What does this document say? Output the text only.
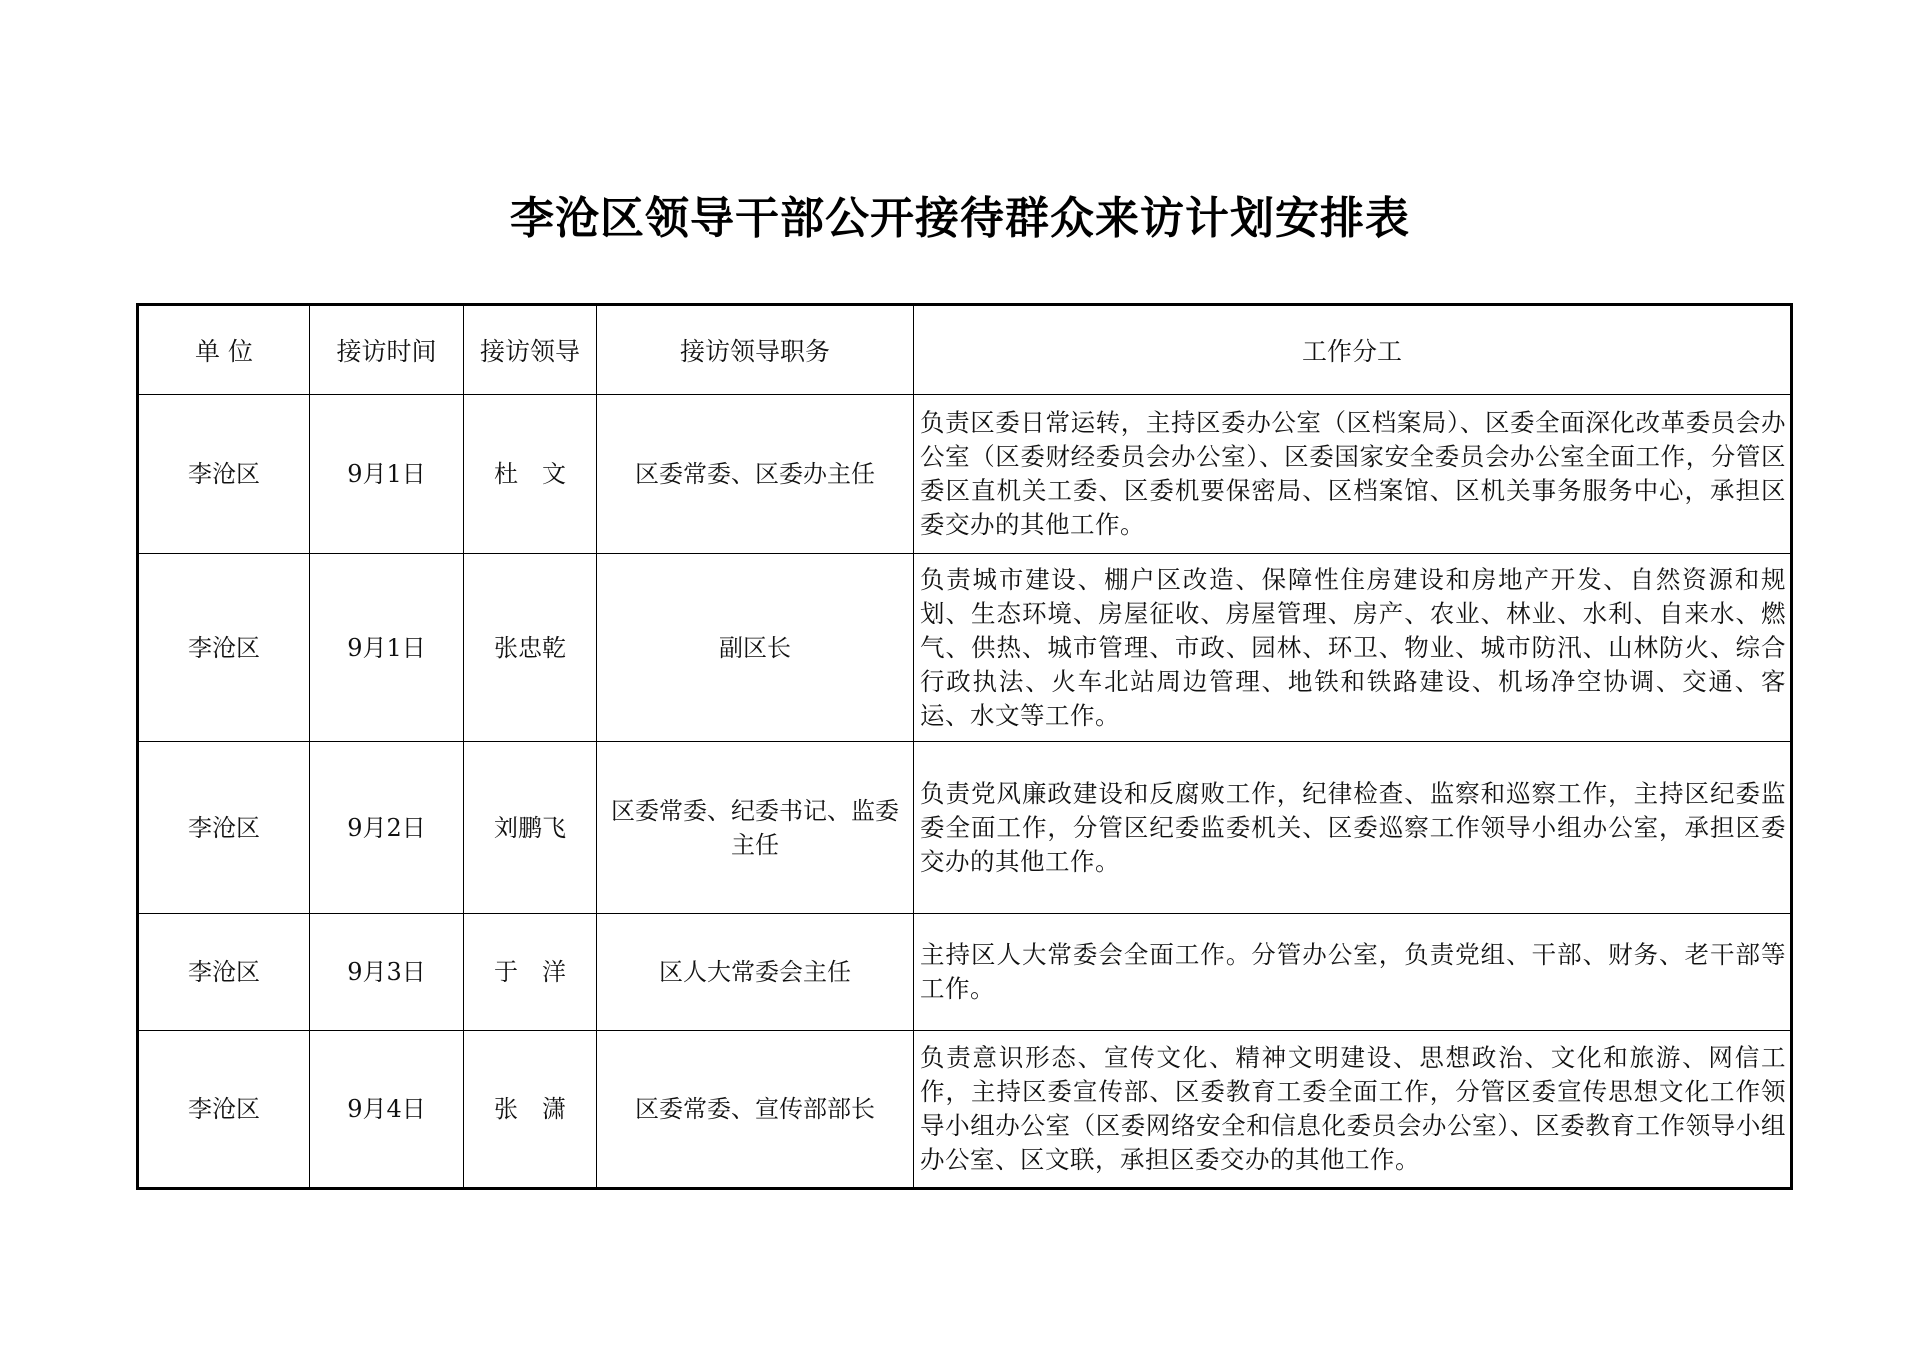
李沧区领导干部公开接待群众来访计划安排表
单 位	接访时间	接访领导	接访领导职务	工作分工
李沧区	9月1日	杜　文	区委常委、区委办主任	负责区委日常运转，主持区委办公室（区档案局）、区委全面深化改革委员会办公室（区委财经委员会办公室）、区委国家安全委员会办公室全面工作，分管区委区直机关工委、区委机要保密局、区档案馆、区机关事务服务中心，承担区委交办的其他工作。
李沧区	9月1日	张忠乾	副区长	负责城市建设、棚户区改造、保障性住房建设和房地产开发、自然资源和规划、生态环境、房屋征收、房屋管理、房产、农业、林业、水利、自来水、燃气、供热、城市管理、市政、园林、环卫、物业、城市防汛、山林防火、综合行政执法、火车北站周边管理、地铁和铁路建设、机场净空协调、交通、客运、水文等工作。
李沧区	9月2日	刘鹏飞	区委常委、纪委书记、监委主任	负责党风廉政建设和反腐败工作，纪律检查、监察和巡察工作，主持区纪委监委全面工作，分管区纪委监委机关、区委巡察工作领导小组办公室，承担区委交办的其他工作。
李沧区	9月3日	于　洋	区人大常委会主任	主持区人大常委会全面工作。分管办公室，负责党组、干部、财务、老干部等工作。
李沧区	9月4日	张　潇	区委常委、宣传部部长	负责意识形态、宣传文化、精神文明建设、思想政治、文化和旅游、网信工作，主持区委宣传部、区委教育工委全面工作，分管区委宣传思想文化工作领导小组办公室（区委网络安全和信息化委员会办公室）、区委教育工作领导小组办公室、区文联，承担区委交办的其他工作。
